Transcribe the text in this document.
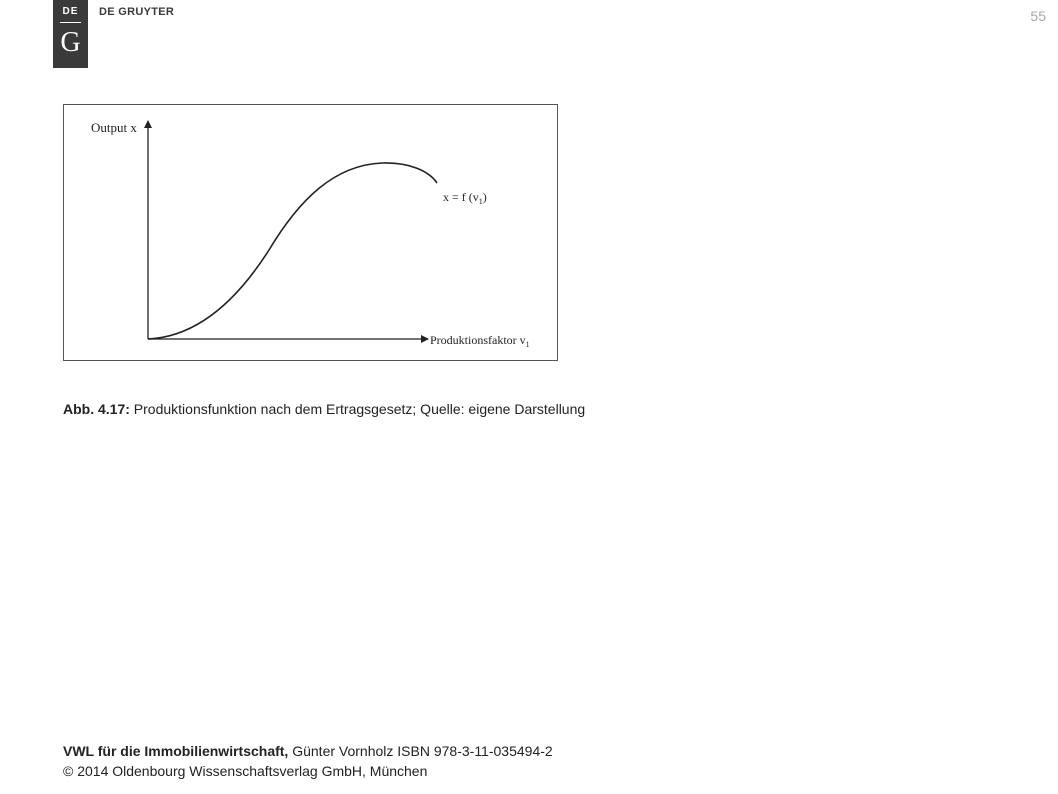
DE
G
DE GRUYTER	55
Output x
x = f $(v_1)$
Produktionsfaktor $v_1$
Abb. 4.17: Produktionsfunktion nach dem Ertragsgesetz; Quelle: eigene Darstellung
VWL für die Immobilienwirtschaft, Günter Vornholz ISBN 978-3-11-035494-2
© 2014 Oldenbourg Wissenschaftsverlag GmbH, München
